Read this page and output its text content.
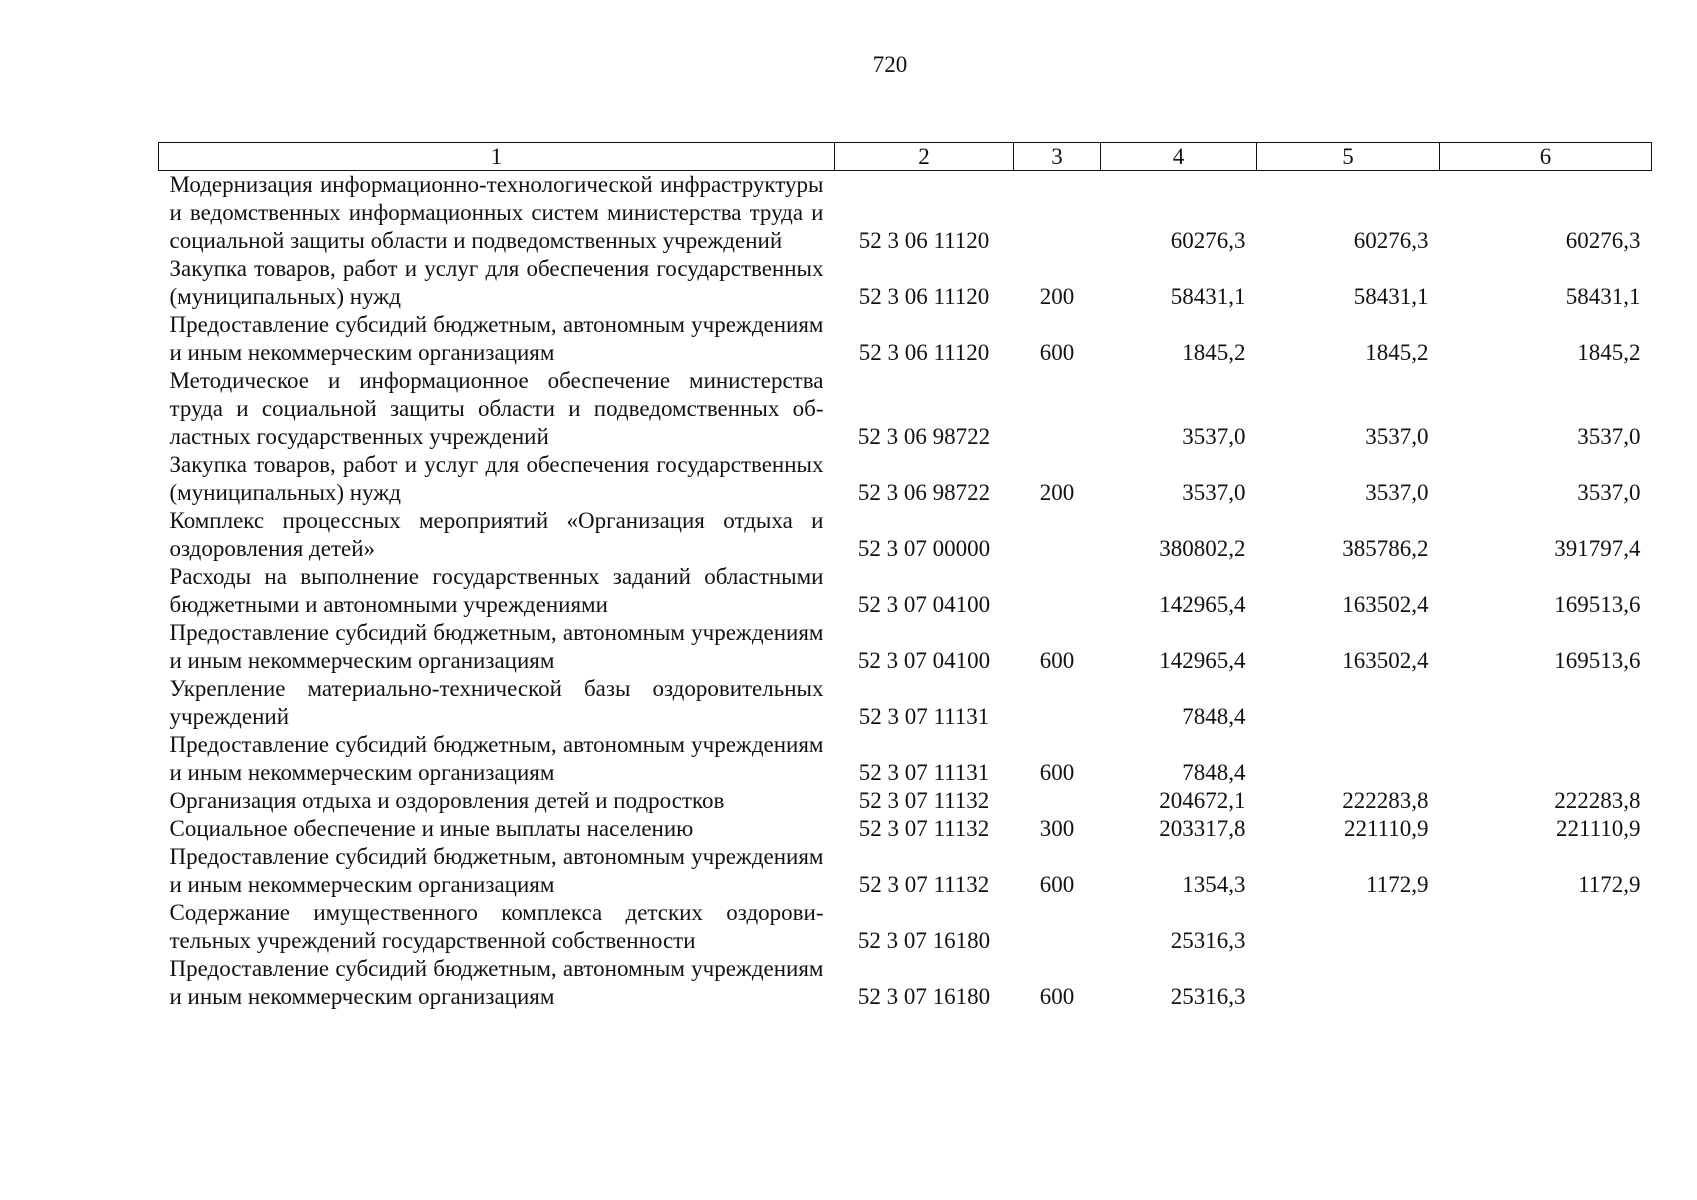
720
1	2	3	4	5	6
Модернизация информационно-технологической инфраструктуры и ведомственных информационных систем министерства труда и социальной защиты области и подведомственных учреждений	52 3 06 11120		60276,3	60276,3	60276,3
Закупка товаров, работ и услуг для обеспечения государственных (муниципальных) нужд	52 3 06 11120	200	58431,1	58431,1	58431,1
Предоставление субсидий бюджетным, автономным учреждениям и иным некоммерческим организациям	52 3 06 11120	600	1845,2	1845,2	1845,2
Методическое и информационное обеспечение министерства труда и социальной защиты области и подведомственных областных государственных учреждений	52 3 06 98722		3537,0	3537,0	3537,0
Закупка товаров, работ и услуг для обеспечения государственных (муниципальных) нужд	52 3 06 98722	200	3537,0	3537,0	3537,0
Комплекс процессных мероприятий «Организация отдыха и оздоровления детей»	52 3 07 00000		380802,2	385786,2	391797,4
Расходы на выполнение государственных заданий областными бюджетными и автономными учреждениями	52 3 07 04100		142965,4	163502,4	169513,6
Предоставление субсидий бюджетным, автономным учреждениям и иным некоммерческим организациям	52 3 07 04100	600	142965,4	163502,4	169513,6
Укрепление материально-технической базы оздоровительных учреждений	52 3 07 11131		7848,4		
Предоставление субсидий бюджетным, автономным учреждениям и иным некоммерческим организациям	52 3 07 11131	600	7848,4		
Организация отдыха и оздоровления детей и подростков	52 3 07 11132		204672,1	222283,8	222283,8
Социальное обеспечение и иные выплаты населению	52 3 07 11132	300	203317,8	221110,9	221110,9
Предоставление субсидий бюджетным, автономным учреждениям и иным некоммерческим организациям	52 3 07 11132	600	1354,3	1172,9	1172,9
Содержание имущественного комплекса детских оздоровительных учреждений государственной собственности	52 3 07 16180		25316,3		
Предоставление субсидий бюджетным, автономным учреждениям и иным некоммерческим организациям	52 3 07 16180	600	25316,3		
